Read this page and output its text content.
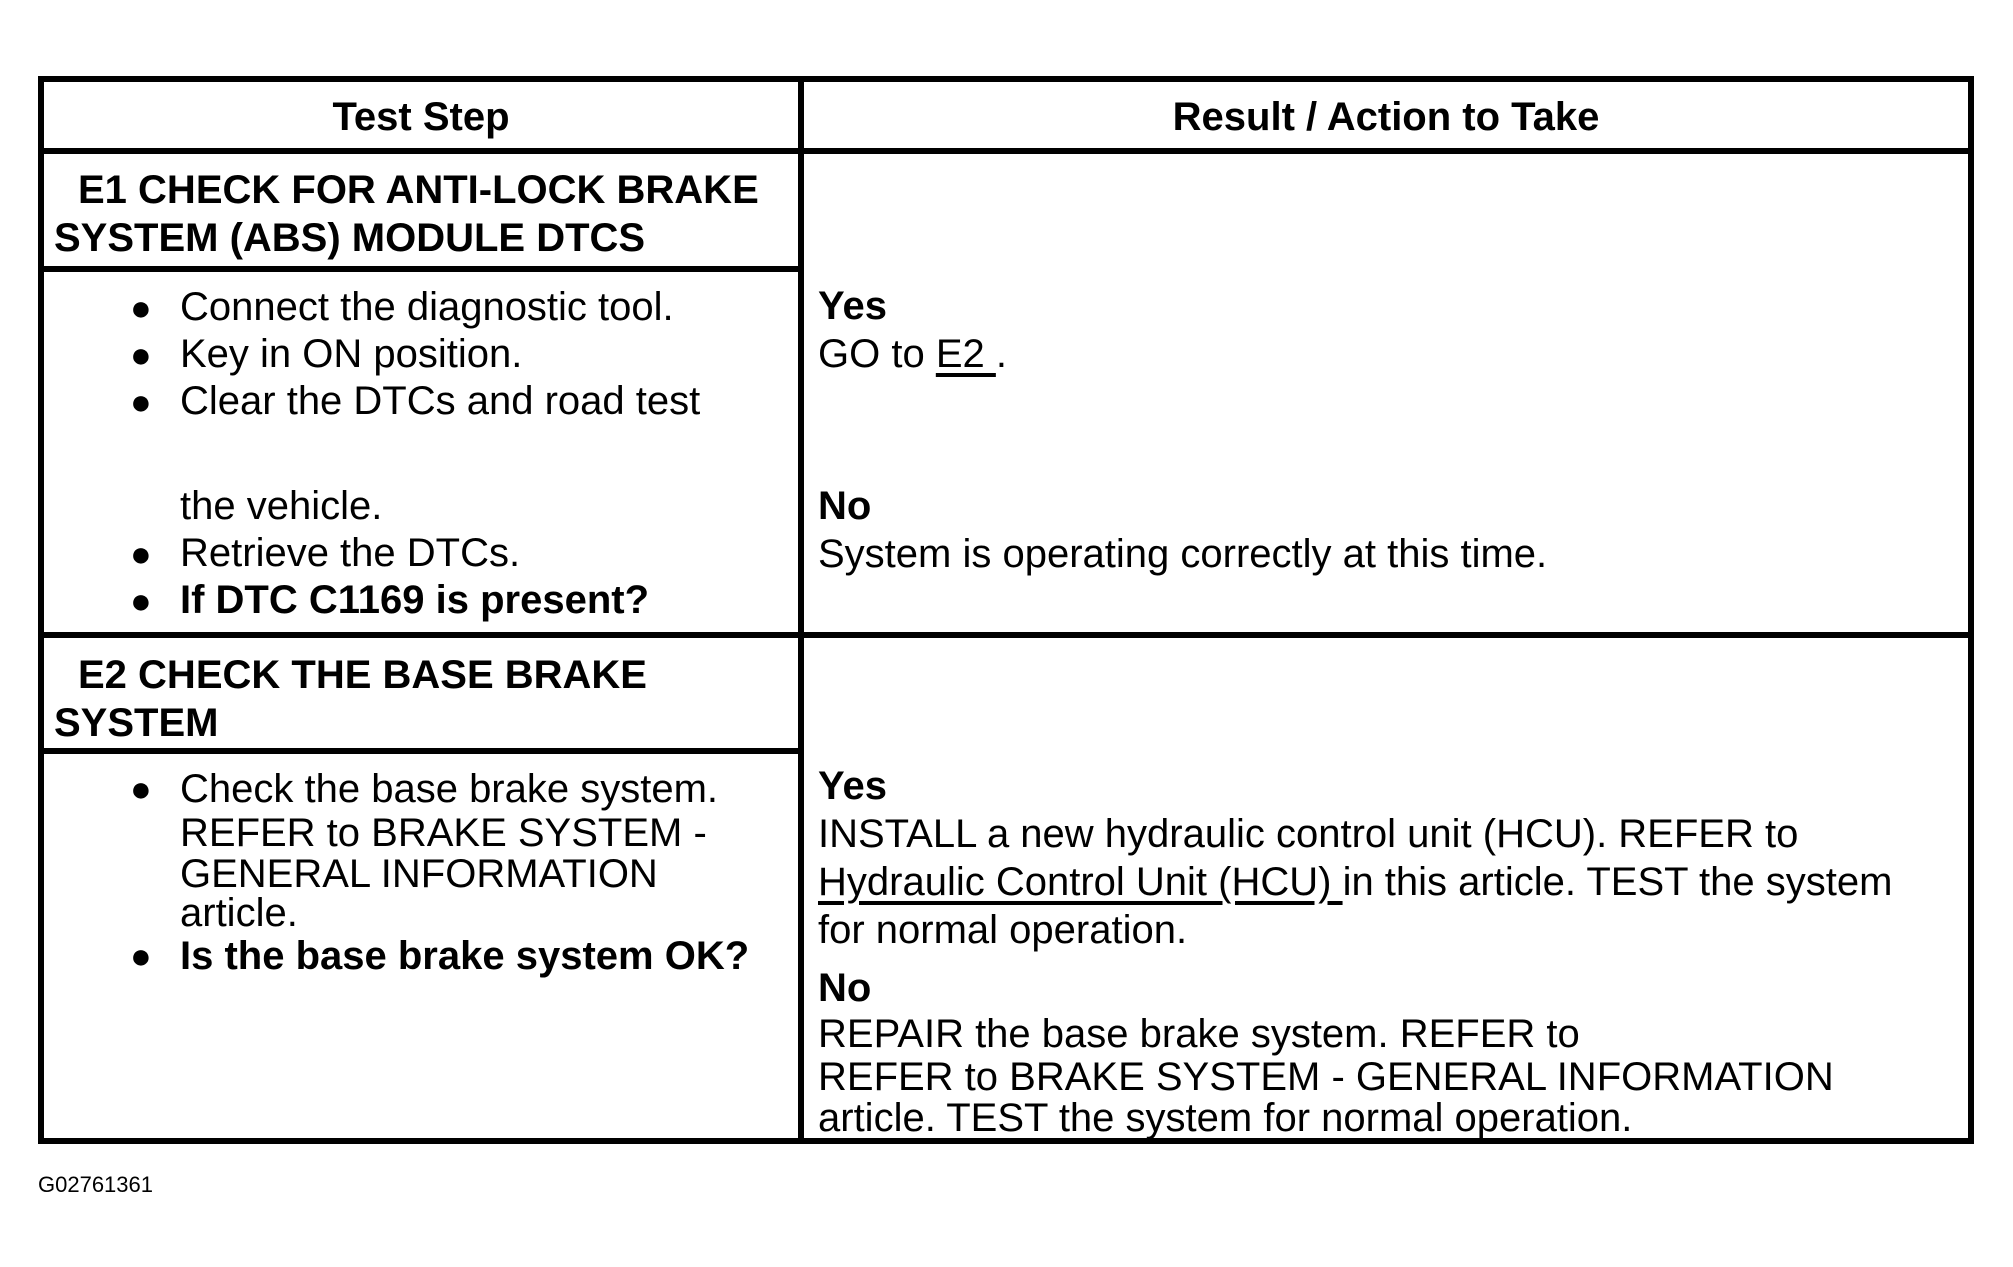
Test Step	Result / Action to Take
E1 CHECK FOR ANTI-LOCK BRAKE
SYSTEM (ABS) MODULE DTCS
● Connect the diagnostic tool.
● Key in ON position.
● Clear the DTCs and road test
the vehicle.
● Retrieve the DTCs.
● If DTC C1169 is present?
Yes
GO to E2 .
No
System is operating correctly at this time.
E2 CHECK THE BASE BRAKE
SYSTEM
● Check the base brake system.
REFER to BRAKE SYSTEM -
GENERAL INFORMATION
article.
● Is the base brake system OK?
Yes
INSTALL a new hydraulic control unit (HCU). REFER to
Hydraulic Control Unit (HCU) in this article. TEST the system
for normal operation.
No
REPAIR the base brake system. REFER to
REFER to BRAKE SYSTEM - GENERAL INFORMATION
article. TEST the system for normal operation.
G02761361
